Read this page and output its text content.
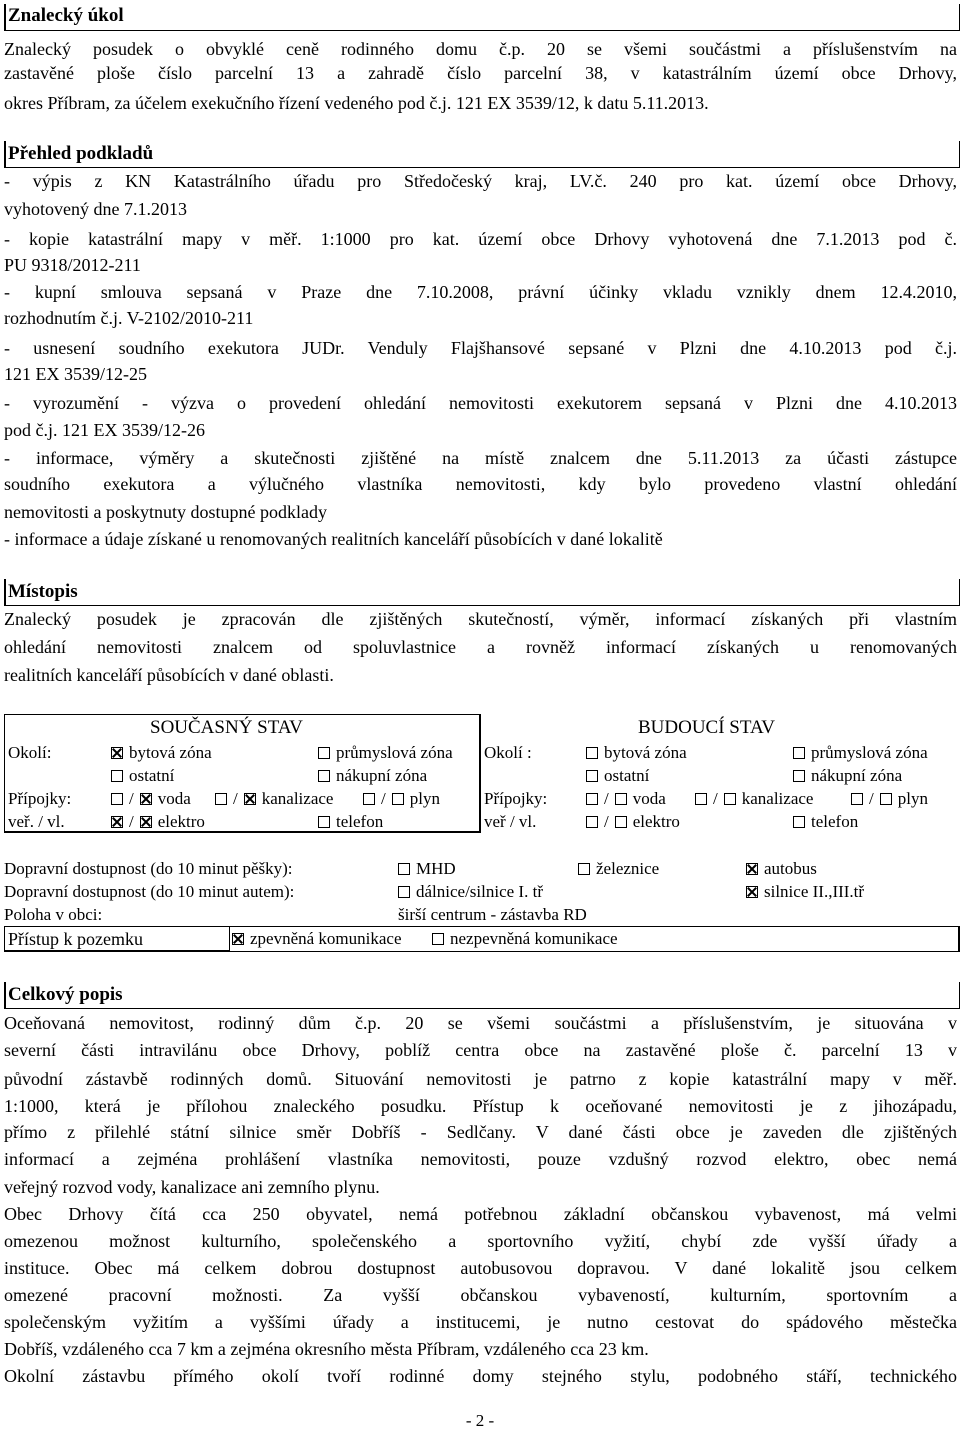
Znalecký úkol
Znalecký posudek o obvyklé ceně rodinného domu č.p. 20 se všemi součástmi a příslušenstvím na
zastavěné ploše číslo parcelní 13 a zahradě číslo parcelní 38, v katastrálním území obce Drhovy,
okres Příbram, za účelem exekučního řízení vedeného pod č.j. 121 EX 3539/12, k datu 5.11.2013.
Přehled podkladů
- výpis z KN Katastrálního úřadu pro Středočeský kraj, LV.č. 240 pro kat. území obce Drhovy,
vyhotovený dne 7.1.2013
- kopie katastrální mapy v měř. 1:1000 pro kat. území obce Drhovy vyhotovená dne 7.1.2013 pod č.
PU 9318/2012-211
- kupní smlouva sepsaná v Praze dne 7.10.2008, právní účinky vkladu vznikly dnem 12.4.2010,
rozhodnutím č.j. V-2102/2010-211
- usnesení soudního exekutora JUDr. Venduly Flajšhansové sepsané v Plzni dne 4.10.2013 pod č.j.
121 EX 3539/12-25
- vyrozumění - výzva o provedení ohledání nemovitosti exekutorem sepsaná v Plzni dne 4.10.2013
pod č.j. 121 EX 3539/12-26
- informace, výměry a skutečnosti zjištěné na místě znalcem dne 5.11.2013 za účasti zástupce
soudního exekutora a výlučného vlastníka nemovitosti, kdy bylo provedeno vlastní ohledání
nemovitosti a poskytnuty dostupné podklady
- informace a údaje získané u renomovaných realitních kanceláří působících v dané lokalitě
Místopis
Znalecký posudek je zpracován dle zjištěných skutečností, výměr, informací získaných při vlastním
ohledání nemovitosti znalcem od spoluvlastnice a rovněž informací získaných u renomovaných
realitních kanceláří působících v dané oblasti.
SOUČASNÝ STAV	BUDOUCÍ STAV
Okolí:	bytová zóna	průmyslová zóna Okolí :	bytová zóna	průmyslová zóna
ostatní	nákupní zóna	ostatní	nákupní zóna
Přípojky:	/ voda / kanalizace	/ plyn	Přípojky:	/ voda	/ kanalizace	/ plyn
veř. / vl.	/ elektro	telefon	veř / vl.	/ elektro	telefon
Dopravní dostupnost (do 10 minut pěšky):	MHD	železnice	autobus
Dopravní dostupnost (do 10 minut autem):	dálnice/silnice I. tř	silnice II.,III.tř
Poloha v obci:	širší centrum - zástavba RD
Přístup k pozemku	zpevněná komunikace	nezpevněná komunikace
Celkový popis
Oceňovaná nemovitost, rodinný dům č.p. 20 se všemi součástmi a příslušenstvím, je situována v
severní části intravilánu obce Drhovy, poblíž centra obce na zastavěné ploše č. parcelní 13 v
původní zástavbě rodinných domů. Situování nemovitosti je patrno z kopie katastrální mapy v měř.
1:1000, která je přílohou znaleckého posudku. Přístup k oceňované nemovitosti je z jihozápadu,
přímo z přilehlé státní silnice směr Dobříš - Sedlčany. V dané části obce je zaveden dle zjištěných
informací a zejména prohlášení vlastníka nemovitosti, pouze vzdušný rozvod elektro, obec nemá
veřejný rozvod vody, kanalizace ani zemního plynu.
Obec Drhovy čítá cca 250 obyvatel, nemá potřebnou základní občanskou vybavenost, má velmi
omezenou možnost kulturního, společenského a sportovního vyžití, chybí zde vyšší úřady a
instituce. Obec má celkem dobrou dostupnost autobusovou dopravou. V dané lokalitě jsou celkem
omezené pracovní možnosti. Za vyšší občanskou vybaveností, kulturním, sportovním a
společenským vyžitím a vyššími úřady a institucemi, je nutno cestovat do spádového městečka
Dobříš, vzdáleného cca 7 km a zejména okresního města Příbram, vzdáleného cca 23 km.
Okolní zástavbu přímého okolí tvoří rodinné domy stejného stylu, podobného stáří, technického
- 2 -
